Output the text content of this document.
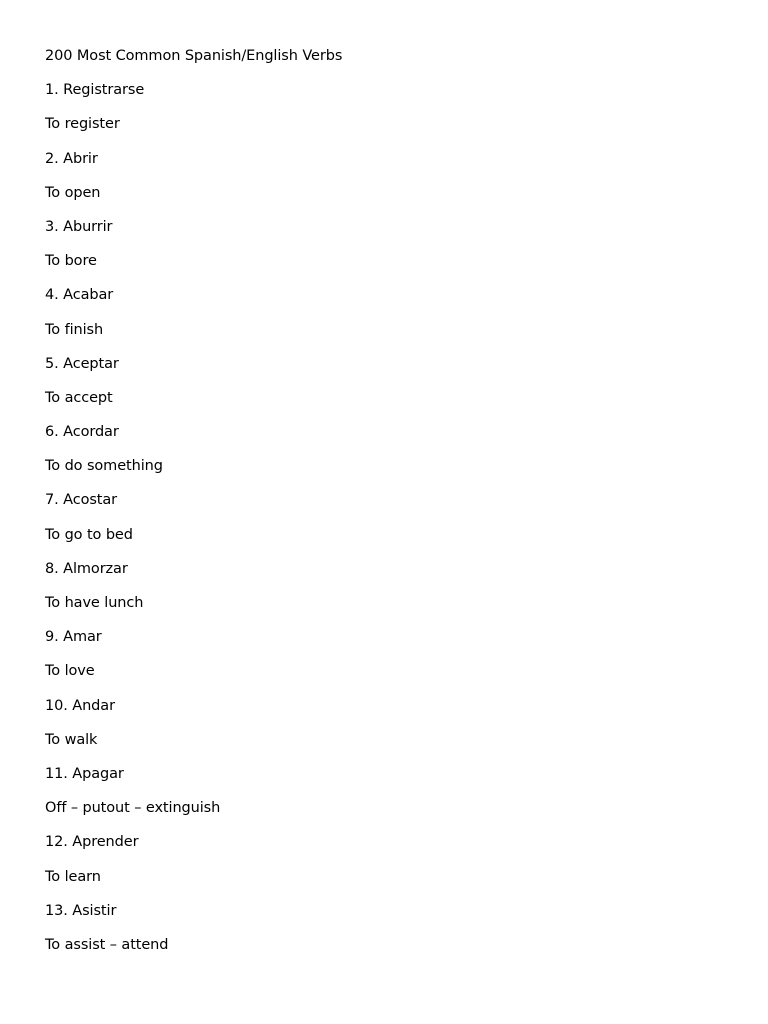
200 Most Common Spanish/English Verbs
1. Registrarse
To register
2. Abrir
To open
3. Aburrir
To bore
4. Acabar
To finish
5. Aceptar
To accept
6. Acordar
To do something
7. Acostar
To go to bed
8. Almorzar
To have lunch
9. Amar
To love
10. Andar
To walk
11. Apagar
Off – putout – extinguish
12. Aprender
To learn
13. Asistir
To assist – attend
